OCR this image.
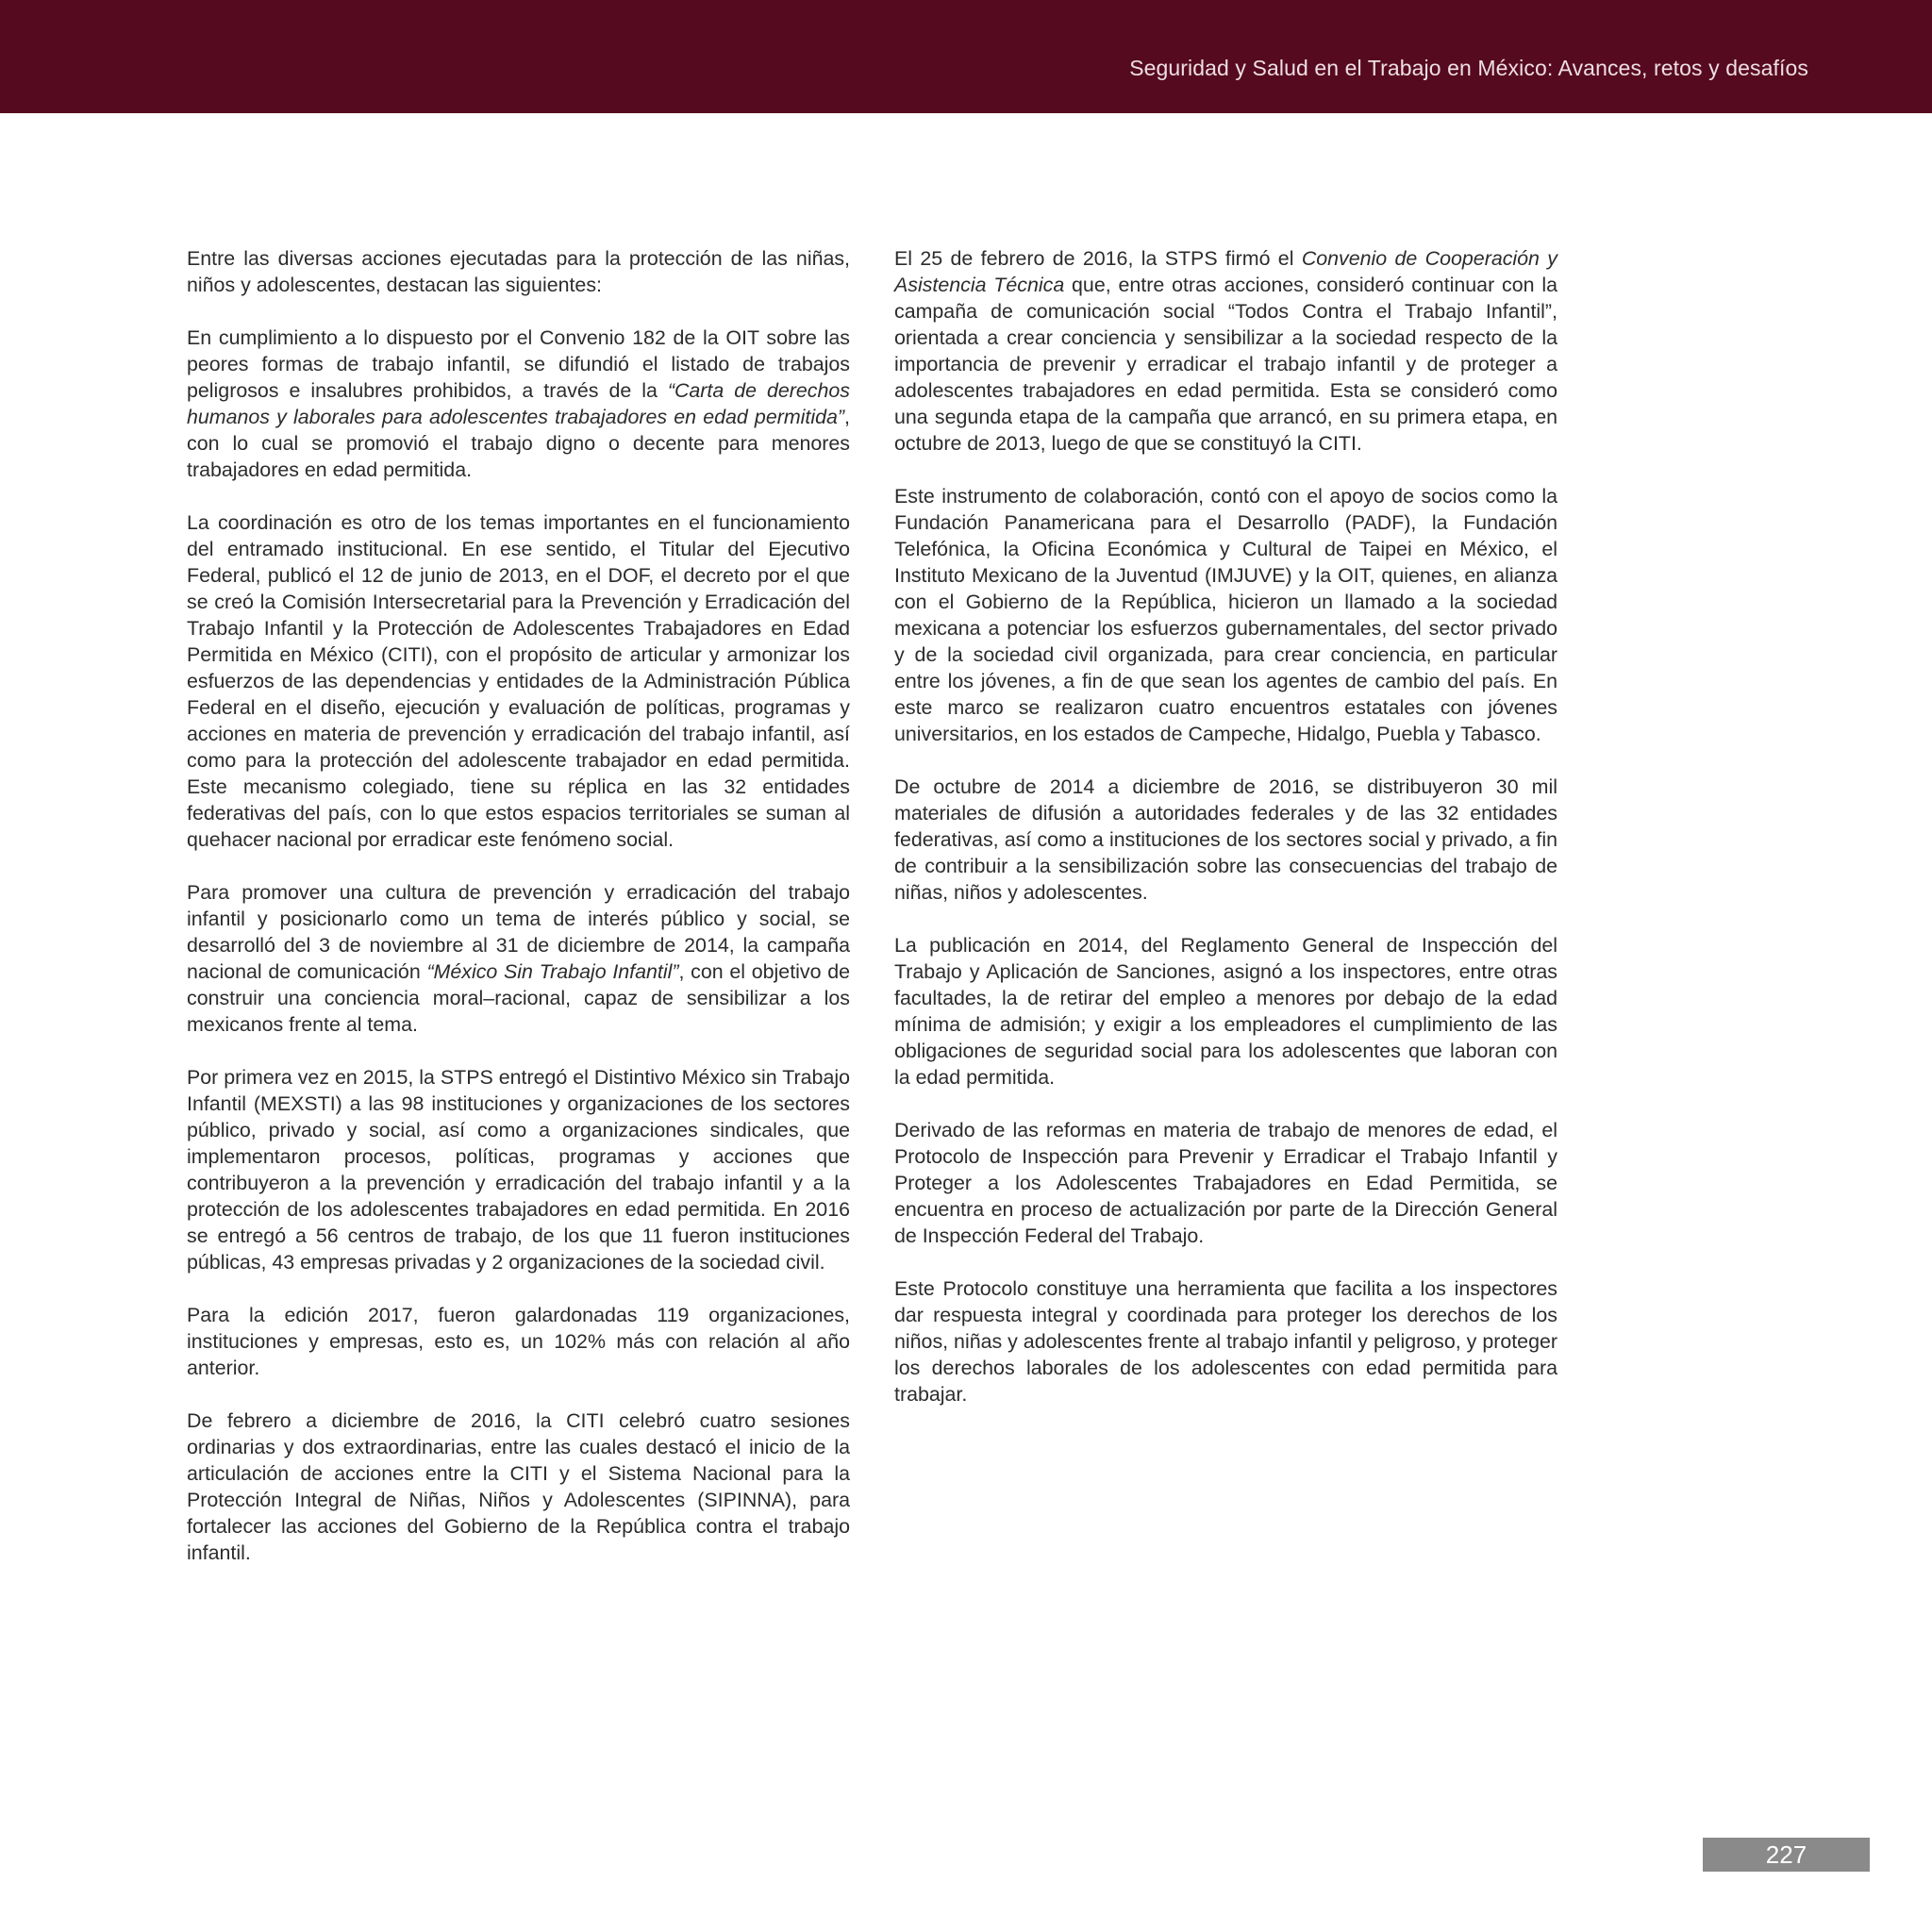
Seguridad y Salud en el Trabajo en México: Avances, retos y desafíos

Entre las diversas acciones ejecutadas para la protección de las niñas, niños y adolescentes, destacan las siguientes:

En cumplimiento a lo dispuesto por el Convenio 182 de la OIT sobre las peores formas de trabajo infantil, se difundió el listado de trabajos peligrosos e insalubres prohibidos, a través de la “Carta de derechos humanos y laborales para adolescentes trabajadores en edad permitida”, con lo cual se promovió el trabajo digno o decente para menores trabajadores en edad permitida.

La coordinación es otro de los temas importantes en el funcionamiento del entramado institucional. En ese sentido, el Titular del Ejecutivo Federal, publicó el 12 de junio de 2013, en el DOF, el decreto por el que se creó la Comisión Intersecretarial para la Prevención y Erradicación del Trabajo Infantil y la Protección de Adolescentes Trabajadores en Edad Permitida en México (CITI), con el propósito de articular y armonizar los esfuerzos de las dependencias y entidades de la Administración Pública Federal en el diseño, ejecución y evaluación de políticas, programas y acciones en materia de prevención y erradicación del trabajo infantil, así como para la protección del adolescente trabajador en edad permitida. Este mecanismo colegiado, tiene su réplica en las 32 entidades federativas del país, con lo que estos espacios territoriales se suman al quehacer nacional por erradicar este fenómeno social.

Para promover una cultura de prevención y erradicación del trabajo infantil y posicionarlo como un tema de interés público y social, se desarrolló del 3 de noviembre al 31 de diciembre de 2014, la campaña nacional de comunicación “México Sin Trabajo Infantil”, con el objetivo de construir una conciencia moral–racional, capaz de sensibilizar a los mexicanos frente al tema.

Por primera vez en 2015, la STPS entregó el Distintivo México sin Trabajo Infantil (MEXSTI) a las 98 instituciones y organizaciones de los sectores público, privado y social, así como a organizaciones sindicales, que implementaron procesos, políticas, programas y acciones que contribuyeron a la prevención y erradicación del trabajo infantil y a la protección de los adolescentes trabajadores en edad permitida. En 2016 se entregó a 56 centros de trabajo, de los que 11 fueron instituciones públicas, 43 empresas privadas y 2 organizaciones de la sociedad civil.

Para la edición 2017, fueron galardonadas 119 organizaciones, instituciones y empresas, esto es, un 102% más con relación al año anterior.

De febrero a diciembre de 2016, la CITI celebró cuatro sesiones ordinarias y dos extraordinarias, entre las cuales destacó el inicio de la articulación de acciones entre la CITI y el Sistema Nacional para la Protección Integral de Niñas, Niños y Adolescentes (SIPINNA), para fortalecer las acciones del Gobierno de la República contra el trabajo infantil.

El 25 de febrero de 2016, la STPS firmó el Convenio de Cooperación y Asistencia Técnica que, entre otras acciones, consideró continuar con la campaña de comunicación social “Todos Contra el Trabajo Infantil”, orientada a crear conciencia y sensibilizar a la sociedad respecto de la importancia de prevenir y erradicar el trabajo infantil y de proteger a adolescentes trabajadores en edad permitida. Esta se consideró como una segunda etapa de la campaña que arrancó, en su primera etapa, en octubre de 2013, luego de que se constituyó la CITI.

Este instrumento de colaboración, contó con el apoyo de socios como la Fundación Panamericana para el Desarrollo (PADF), la Fundación Telefónica, la Oficina Económica y Cultural de Taipei en México, el Instituto Mexicano de la Juventud (IMJUVE) y la OIT, quienes, en alianza con el Gobierno de la República, hicieron un llamado a la sociedad mexicana a potenciar los esfuerzos gubernamentales, del sector privado y de la sociedad civil organizada, para crear conciencia, en particular entre los jóvenes, a fin de que sean los agentes de cambio del país. En este marco se realizaron cuatro encuentros estatales con jóvenes universitarios, en los estados de Campeche, Hidalgo, Puebla y Tabasco.

De octubre de 2014 a diciembre de 2016, se distribuyeron 30 mil materiales de difusión a autoridades federales y de las 32 entidades federativas, así como a instituciones de los sectores social y privado, a fin de contribuir a la sensibilización sobre las consecuencias del trabajo de niñas, niños y adolescentes.

La publicación en 2014, del Reglamento General de Inspección del Trabajo y Aplicación de Sanciones, asignó a los inspectores, entre otras facultades, la de retirar del empleo a menores por debajo de la edad mínima de admisión; y exigir a los empleadores el cumplimiento de las obligaciones de seguridad social para los adolescentes que laboran con la edad permitida.

Derivado de las reformas en materia de trabajo de menores de edad, el Protocolo de Inspección para Prevenir y Erradicar el Trabajo Infantil y Proteger a los Adolescentes Trabajadores en Edad Permitida, se encuentra en proceso de actualización por parte de la Dirección General de Inspección Federal del Trabajo.

Este Protocolo constituye una herramienta que facilita a los inspectores dar respuesta integral y coordinada para proteger los derechos de los niños, niñas y adolescentes frente al trabajo infantil y peligroso, y proteger los derechos laborales de los adolescentes con edad permitida para trabajar.

227
